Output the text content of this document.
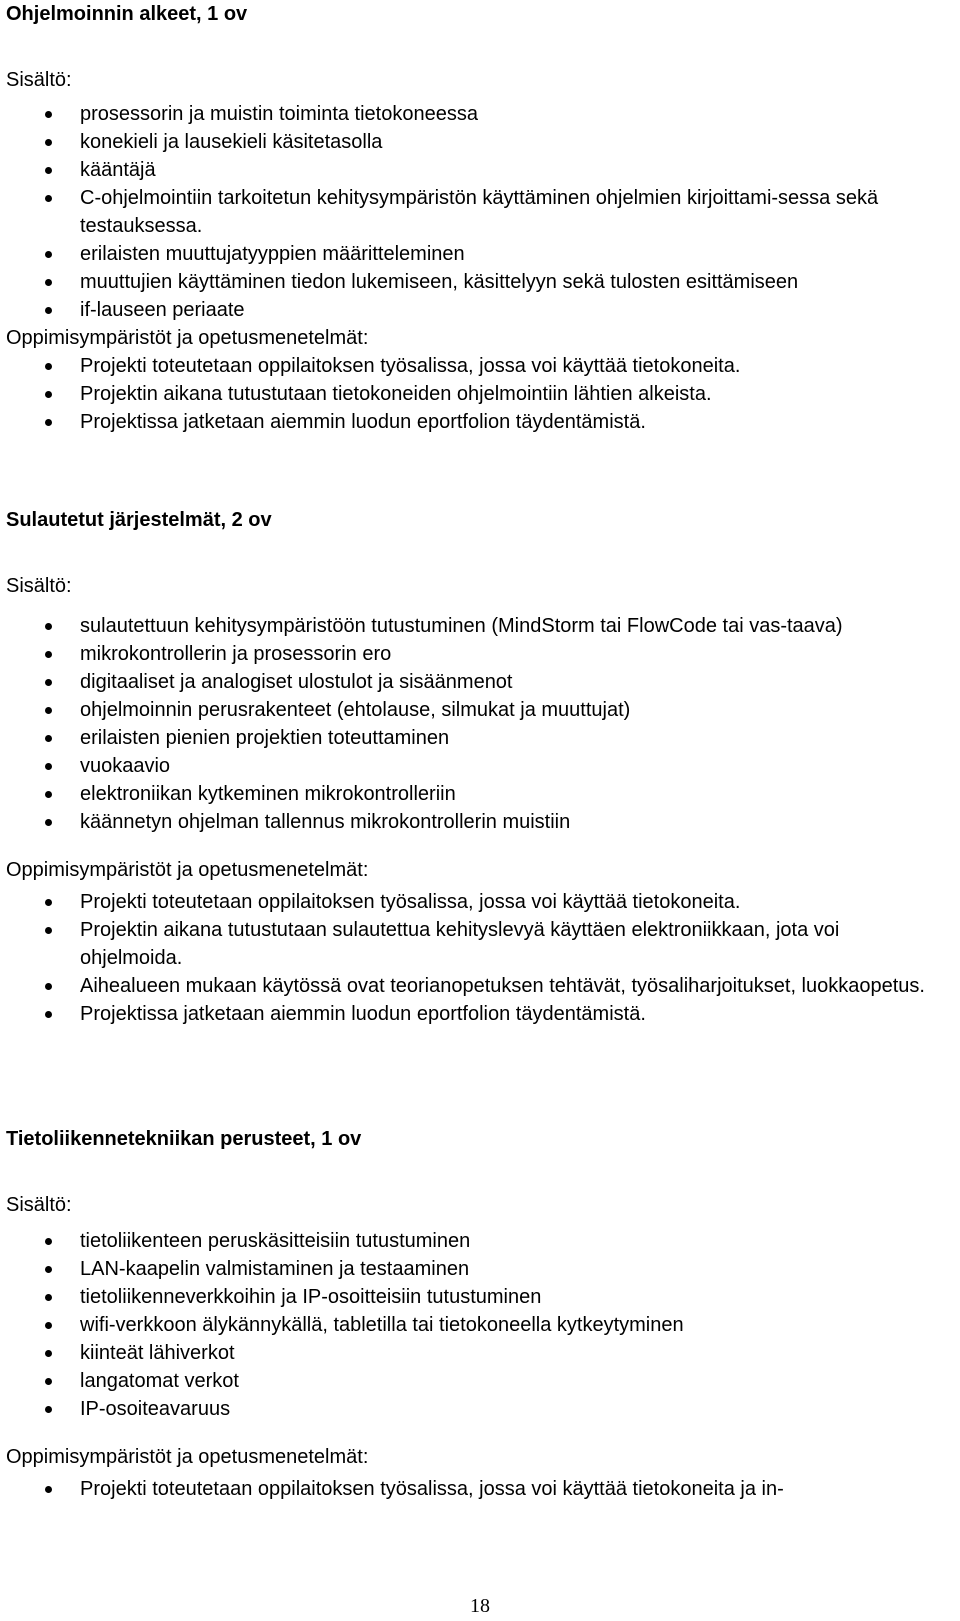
Ohjelmoinnin alkeet, 1 ov

Sisältö:

prosessorin ja muistin toiminta tietokoneessa
konekieli ja lausekieli käsitetasolla
kääntäjä
C-ohjelmointiin tarkoitetun kehitysympäristön käyttäminen ohjelmien kirjoittami-sessa sekä testauksessa.
erilaisten muuttujatyyppien määritteleminen
muuttujien käyttäminen tiedon lukemiseen, käsittelyyn sekä tulosten esittämiseen
if-lauseen periaate

Oppimisympäristöt ja opetusmenetelmät:

Projekti toteutetaan oppilaitoksen työsalissa, jossa voi käyttää tietokoneita.
Projektin aikana tutustutaan tietokoneiden ohjelmointiin lähtien alkeista.
Projektissa jatketaan aiemmin luodun eportfolion täydentämistä.

Sulautetut järjestelmät, 2 ov

Sisältö:

sulautettuun kehitysympäristöön tutustuminen (MindStorm tai FlowCode tai vas-taava)
mikrokontrollerin ja prosessorin ero
digitaaliset ja analogiset ulostulot ja sisäänmenot
ohjelmoinnin perusrakenteet (ehtolause, silmukat ja muuttujat)
erilaisten pienien projektien toteuttaminen
vuokaavio
elektroniikan kytkeminen mikrokontrolleriin
käännetyn ohjelman tallennus mikrokontrollerin muistiin

Oppimisympäristöt ja opetusmenetelmät:

Projekti toteutetaan oppilaitoksen työsalissa, jossa voi käyttää tietokoneita.
Projektin aikana tutustutaan sulautettua kehityslevyä käyttäen elektroniikkaan, jota voi ohjelmoida.
Aihealueen mukaan käytössä ovat teorianopetuksen tehtävät, työsaliharjoitukset, luokkaopetus.
Projektissa jatketaan aiemmin luodun eportfolion täydentämistä.

Tietoliikennetekniikan perusteet, 1 ov

Sisältö:

tietoliikenteen peruskäsitteisiin tutustuminen
LAN-kaapelin valmistaminen ja testaaminen
tietoliikenneverkkoihin ja IP-osoitteisiin tutustuminen
wifi-verkkoon älykännykällä, tabletilla tai tietokoneella kytkeytyminen
kiinteät lähiverkot
langatomat verkot
IP-osoiteavaruus

Oppimisympäristöt ja opetusmenetelmät:

Projekti toteutetaan oppilaitoksen työsalissa, jossa voi käyttää tietokoneita ja in-
18
